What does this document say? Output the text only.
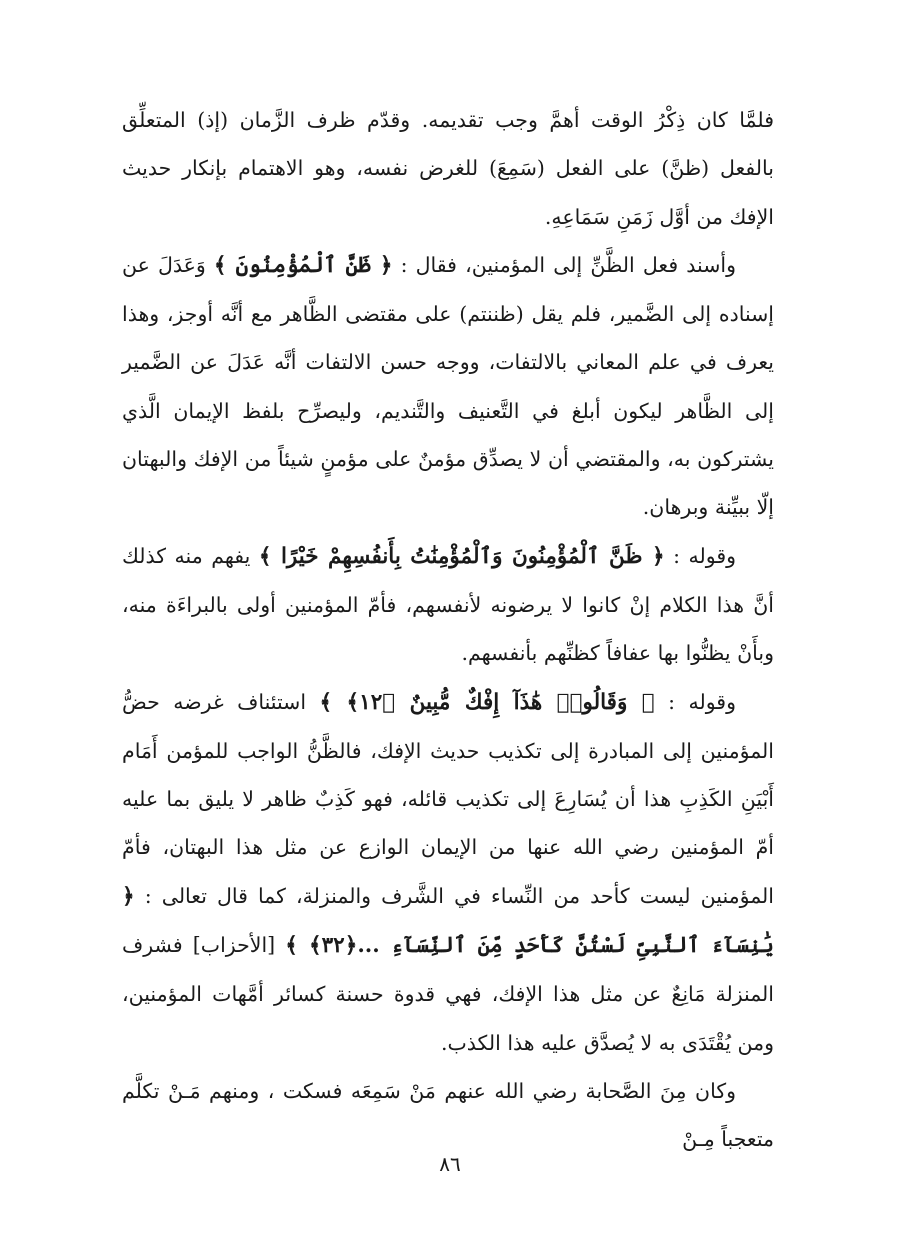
فلمَّا كان ذِكْرُ الوقت أهمَّ وجب تقديمه. وقدّم ظرف الزَّمان (إذ) المتعلِّق بالفعل (ظنَّ) على الفعل (سَمِعَ) للغرض نفسه، وهو الاهتمام بإنكار حديث الإفك من أوَّل زَمَنِ سَمَاعِهِ.

وأسند فعل الظَّنِّ إلى المؤمنين، فقال : ﴿ ظَنَّ ٱلْمُؤْمِنُونَ ﴾ وَعَدَلَ عن إسناده إلى الضَّمير، فلم يقل (ظننتم) على مقتضى الظَّاهر مع أنَّه أوجز، وهذا يعرف في علم المعاني بالالتفات، ووجه حسن الالتفات أنَّه عَدَلَ عن الضَّمير إلى الظَّاهر ليكون أبلغ في التَّعنيف والتَّنديم، وليصرِّح بلفظ الإيمان الَّذي يشتركون به، والمقتضي أن لا يصدِّق مؤمنٌ على مؤمنٍ شيئاً من الإفك والبهتان إلّا ببيِّنة وبرهان.

وقوله : ﴿ ظَنَّ ٱلْمُؤْمِنُونَ وَٱلْمُؤْمِنَٰتُ بِأَنفُسِهِمْ خَيْرًا ﴾ يفهم منه كذلك أنَّ هذا الكلام إنْ كانوا لا يرضونه لأنفسهم، فأمّ المؤمنين أولى بالبراءَة منه، وبأَنْ يظنُّوا بها عفافاً كظنِّهم بأنفسهم.

وقوله : ﴿ وَقَالُوا۟ هَٰذَآ إِفْكٌ مُّبِينٌ ﴿١٢﴾ ﴾ استئناف غرضه حضُّ المؤمنين إلى المبادرة إلى تكذيب حديث الإفك، فالظَّنُّ الواجب للمؤمن أَمَام أَبْيَنِ الكَذِبِ هذا أن يُسَارِعَ إلى تكذيب قائله، فهو كَذِبٌ ظاهر لا يليق بما عليه أمّ المؤمنين رضي الله عنها من الإيمان الوازع عن مثل هذا البهتان، فأمّ المؤمنين ليست كأحد من النِّساء في الشَّرف والمنزلة، كما قال تعالى : ﴿ يَٰنِسَآءَ ٱلنَّبِىِّ لَسْتُنَّ كَأَحَدٍ مِّنَ ٱلنِّسَآءِ ...﴿٣٢﴾ ﴾ [الأحزاب] فشرف المنزلة مَانِعٌ عن مثل هذا الإفك، فهي قدوة حسنة كسائر أمَّهات المؤمنين، ومن يُقْتَدَى به لا يُصدَّق عليه هذا الكذب.

وكان مِنَ الصَّحابة رضي الله عنهم مَنْ سَمِعَه فسكت ، ومنهم مَـنْ تكلَّم متعجباً مِـنْ

٨٦
